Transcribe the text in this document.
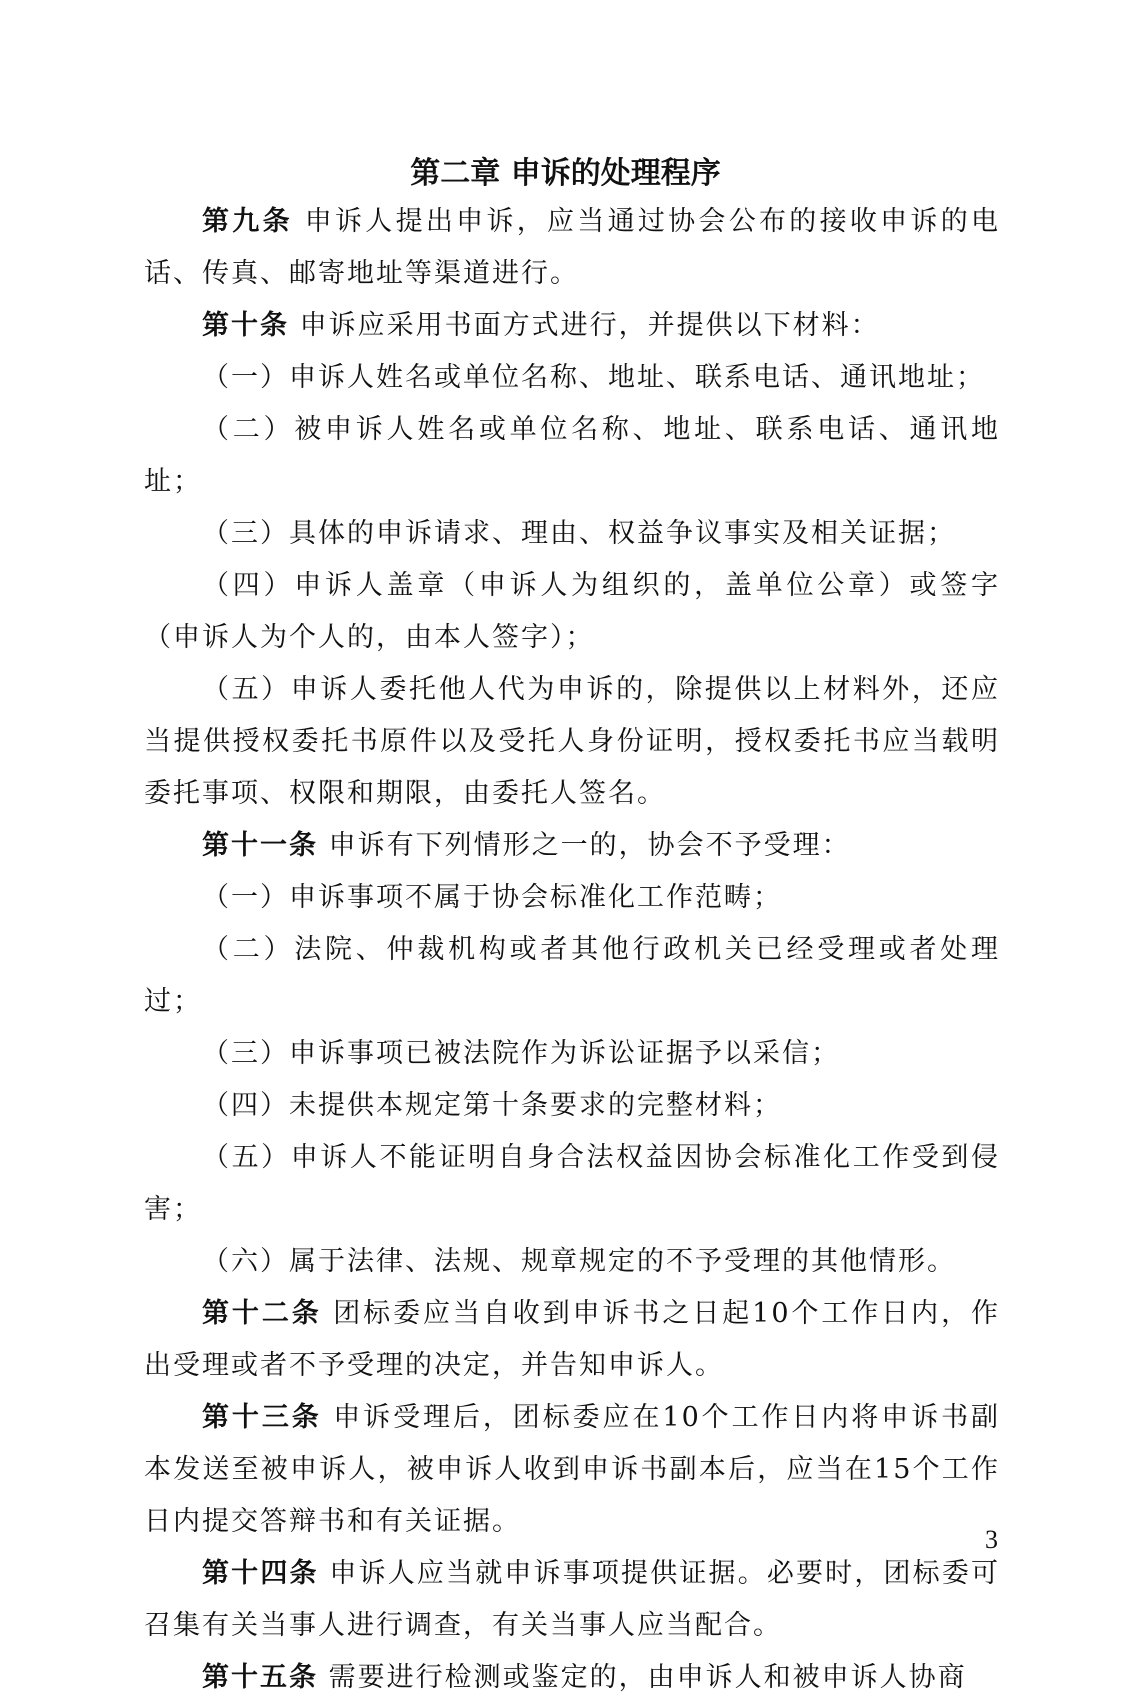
第二章 申诉的处理程序

第九条 申诉人提出申诉，应当通过协会公布的接收申诉的电话、传真、邮寄地址等渠道进行。

第十条 申诉应采用书面方式进行，并提供以下材料：

（一）申诉人姓名或单位名称、地址、联系电话、通讯地址；

（二）被申诉人姓名或单位名称、地址、联系电话、通讯地址；

（三）具体的申诉请求、理由、权益争议事实及相关证据；

（四）申诉人盖章（申诉人为组织的，盖单位公章）或签字（申诉人为个人的，由本人签字）；

（五）申诉人委托他人代为申诉的，除提供以上材料外，还应当提供授权委托书原件以及受托人身份证明，授权委托书应当载明委托事项、权限和期限，由委托人签名。

第十一条 申诉有下列情形之一的，协会不予受理：

（一）申诉事项不属于协会标准化工作范畴；

（二）法院、仲裁机构或者其他行政机关已经受理或者处理过；

（三）申诉事项已被法院作为诉讼证据予以采信；

（四）未提供本规定第十条要求的完整材料；

（五）申诉人不能证明自身合法权益因协会标准化工作受到侵害；

（六）属于法律、法规、规章规定的不予受理的其他情形。

第十二条 团标委应当自收到申诉书之日起10个工作日内，作出受理或者不予受理的决定，并告知申诉人。

第十三条 申诉受理后，团标委应在10个工作日内将申诉书副本发送至被申诉人，被申诉人收到申诉书副本后，应当在15个工作日内提交答辩书和有关证据。

第十四条 申诉人应当就申诉事项提供证据。必要时，团标委可召集有关当事人进行调查，有关当事人应当配合。

第十五条 需要进行检测或鉴定的，由申诉人和被申诉人协商

3
